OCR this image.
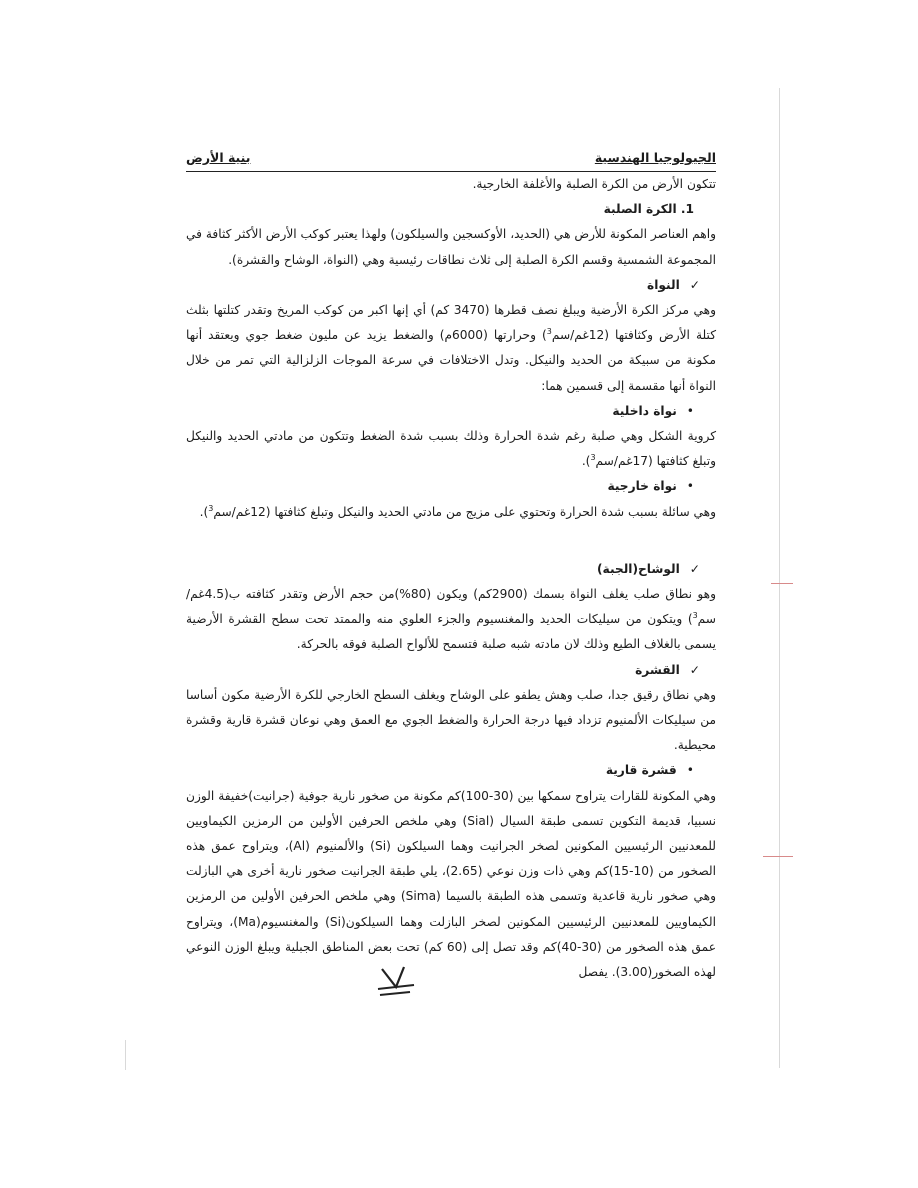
الجيولوجيا الهندسية
بنية الأرض

تتكون الأرض من الكرة الصلبة والأغلفة الخارجية.

1. الكرة الصلبة

واهم العناصر المكونة للأرض هي (الحديد، الأوكسجين والسيلكون) ولهذا يعتبر كوكب الأرض الأكثر كثافة في المجموعة الشمسية وقسم الكرة الصلبة إلى ثلاث نطاقات رئيسية وهي (النواة، الوشاح والقشرة).

✓النواة

وهي مركز الكرة الأرضية ويبلغ نصف قطرها (3470 كم) أي إنها اكبر من كوكب المريخ وتقدر كتلتها بثلث كتلة الأرض وكثافتها (12غم/سم$^3$) وحرارتها (6000م) والضغط يزيد عن مليون ضغط جوي ويعتقد أنها مكونة من سبيكة من الحديد والنيكل. وتدل الاختلافات في سرعة الموجات الزلزالية التي تمر من خلال النواة أنها مقسمة إلى قسمين هما:

•نواة داخلية

كروية الشكل وهي صلبة رغم شدة الحرارة وذلك بسبب شدة الضغط وتتكون من مادتي الحديد والنيكل وتبلغ كثافتها (17غم/سم$^3$).

•نواة خارجية

وهي سائلة بسبب شدة الحرارة وتحتوي على مزيج من مادتي الحديد والنيكل وتبلغ كثافتها (12غم/سم$^3$).

✓الوشاح(الجبة)

وهو نطاق صلب يغلف النواة بسمك (2900كم) ويكون (80%)من حجم الأرض وتقدر كثافته ب(4.5غم/سم$^3$) ويتكون من سيليكات الحديد والمغنسيوم والجزء العلوي منه والممتد تحت سطح القشرة الأرضية يسمى بالغلاف الطيع وذلك لان مادته شبه صلبة فتسمح للألواح الصلبة فوقه بالحركة.

✓القشرة

وهي نطاق رقيق جدا، صلب وهش يطفو على الوشاح ويغلف السطح الخارجي للكرة الأرضية مكون أساسا من سيليكات الألمنيوم تزداد فيها درجة الحرارة والضغط الجوي مع العمق وهي نوعان قشرة قارية وقشرة محيطية.

•قشرة قارية

وهي المكونة للقارات يتراوح سمكها بين (30-100)كم مكونة من صخور نارية جوفية (جرانيت)خفيفة الوزن نسبيا، قديمة التكوين تسمى طبقة السيال (Sial) وهي ملخص الحرفين الأولين من الرمزين الكيماويين للمعدنيين الرئيسيين المكونين لصخر الجرانيت وهما السيلكون (Si) والألمنيوم (Al)، ويتراوح عمق هذه الصخور من (10-15)كم وهي ذات وزن نوعي (2.65)، يلي طبقة الجرانيت صخور نارية أخرى هي البازلت وهي صخور نارية قاعدية وتسمى هذه الطبقة بالسيما (Sima) وهي ملخص الحرفين الأولين من الرمزين الكيماويين للمعدنيين الرئيسيين المكونين لصخر البازلت وهما السيلكون(Si) والمغنسيوم(Ma)، ويتراوح عمق هذه الصخور من (30-40)كم وقد تصل إلى (60 كم) تحت بعض المناطق الجبلية ويبلغ الوزن النوعي لهذه الصخور(3.00). يفصل
